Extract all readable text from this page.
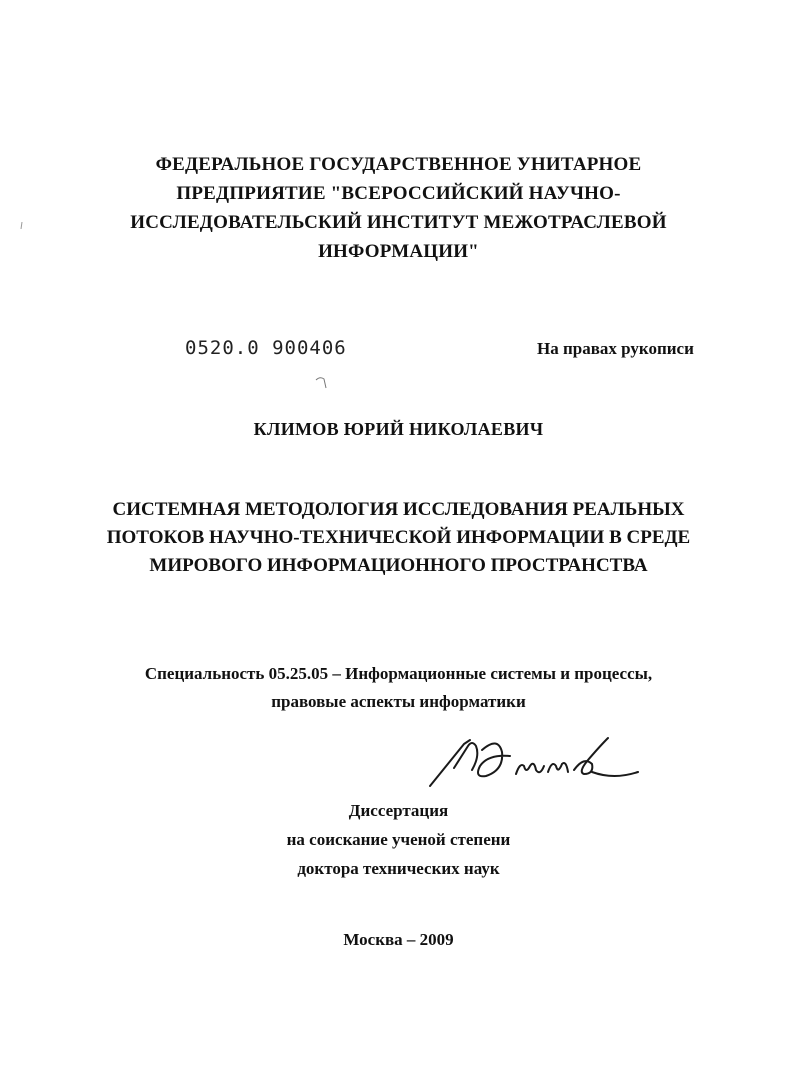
ФЕДЕРАЛЬНОЕ ГОСУДАРСТВЕННОЕ УНИТАРНОЕ
ПРЕДПРИЯТИЕ "ВСЕРОССИЙСКИЙ НАУЧНО-
ИССЛЕДОВАТЕЛЬСКИЙ ИНСТИТУТ МЕЖОТРАСЛЕВОЙ
ИНФОРМАЦИИ"
0520.0 900406	На правах рукописи
КЛИМОВ ЮРИЙ НИКОЛАЕВИЧ
СИСТЕМНАЯ МЕТОДОЛОГИЯ ИССЛЕДОВАНИЯ РЕАЛЬНЫХ
ПОТОКОВ НАУЧНО-ТЕХНИЧЕСКОЙ ИНФОРМАЦИИ В СРЕДЕ
МИРОВОГО ИНФОРМАЦИОННОГО ПРОСТРАНСТВА
Специальность 05.25.05 – Информационные системы и процессы,
правовые аспекты информатики
Диссертация
на соискание ученой степени
доктора технических наук
Москва – 2009
